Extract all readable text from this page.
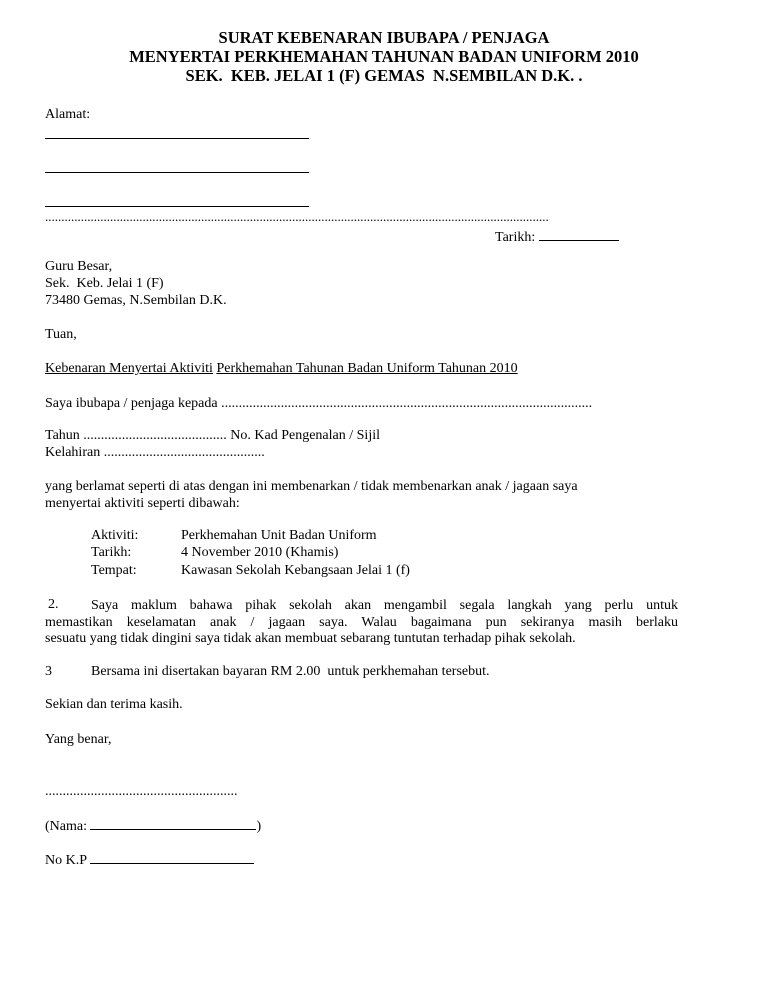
SURAT KEBENARAN IBUBAPA / PENJAGA
MENYERTAI PERKHEMAHAN TAHUNAN BADAN UNIFORM 2010
SEK.  KEB. JELAI 1 (F) GEMAS  N.SEMBILAN D.K. .
Alamat:
...........................................................................................................................................................
Tarikh:
Guru Besar,
Sek.  Keb. Jelai 1 (F)
73480 Gemas, N.Sembilan D.K.
Tuan,
Kebenaran Menyertai Aktiviti Perkhemahan Tahunan Badan Uniform Tahunan 2010
Saya ibubapa / penjaga kepada ..........................................................................................................
Tahun ......................................... No. Kad Pengenalan / Sijil
Kelahiran ..............................................
yang berlamat seperti di atas dengan ini membenarkan / tidak membenarkan anak / jagaan saya
menyertai aktiviti seperti dibawah:
Aktiviti:	Perkhemahan Unit Badan Uniform
Tarikh:	4 November 2010 (Khamis)
Tempat:	Kawasan Sekolah Kebangsaan Jelai 1 (f)
2. Saya maklum bahawa pihak sekolah akan mengambil segala langkah yang perlu untuk
memastikan keselamatan anak / jagaan saya. Walau bagaimana pun sekiranya masih berlaku
sesuatu yang tidak dingini saya tidak akan membuat sebarang tuntutan terhadap pihak sekolah.
3	Bersama ini disertakan bayaran RM 2.00  untuk perkhemahan tersebut.
Sekian dan terima kasih.
Yang benar,
.......................................................
(Nama:	)
No K.P
